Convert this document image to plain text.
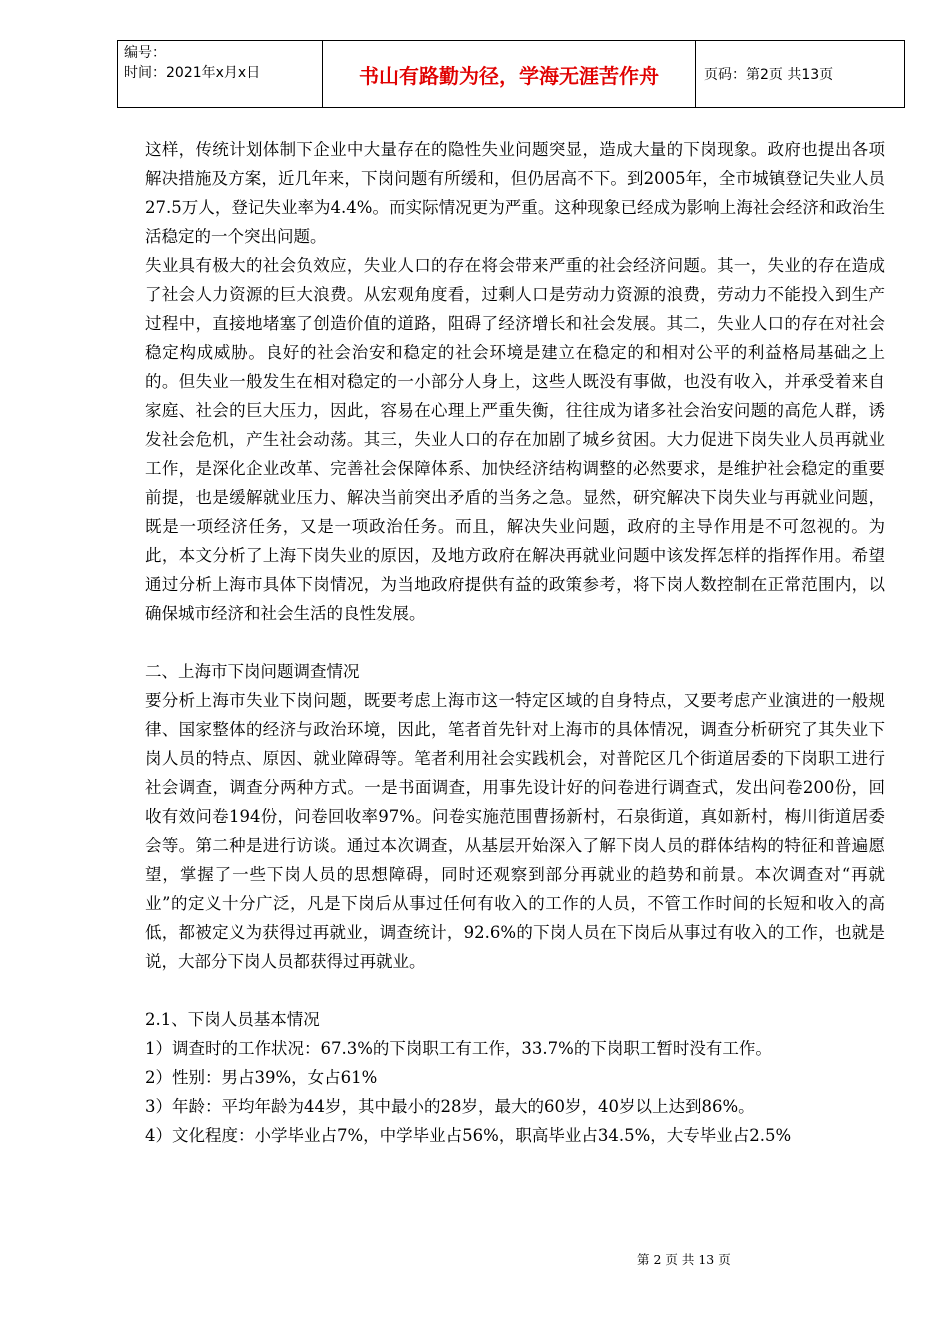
编号：
时间：2021年x月x日	书山有路勤为径，学海无涯苦作舟	页码：第2页 共13页

这样，传统计划体制下企业中大量存在的隐性失业问题突显，造成大量的下岗现象。政府也提出各项解决措施及方案，近几年来，下岗问题有所缓和，但仍居高不下。到2005年，全市城镇登记失业人员27.5万人，登记失业率为4.4%。而实际情况更为严重。这种现象已经成为影响上海社会经济和政治生活稳定的一个突出问题。

失业具有极大的社会负效应，失业人口的存在将会带来严重的社会经济问题。其一，失业的存在造成了社会人力资源的巨大浪费。从宏观角度看，过剩人口是劳动力资源的浪费，劳动力不能投入到生产过程中，直接地堵塞了创造价值的道路，阻碍了经济增长和社会发展。其二，失业人口的存在对社会稳定构成威胁。良好的社会治安和稳定的社会环境是建立在稳定的和相对公平的利益格局基础之上的。但失业一般发生在相对稳定的一小部分人身上，这些人既没有事做，也没有收入，并承受着来自家庭、社会的巨大压力，因此，容易在心理上严重失衡，往往成为诸多社会治安问题的高危人群，诱发社会危机，产生社会动荡。其三，失业人口的存在加剧了城乡贫困。大力促进下岗失业人员再就业工作，是深化企业改革、完善社会保障体系、加快经济结构调整的必然要求，是维护社会稳定的重要前提，也是缓解就业压力、解决当前突出矛盾的当务之急。显然，研究解决下岗失业与再就业问题，既是一项经济任务，又是一项政治任务。而且，解决失业问题，政府的主导作用是不可忽视的。为此，本文分析了上海下岗失业的原因，及地方政府在解决再就业问题中该发挥怎样的指挥作用。希望通过分析上海市具体下岗情况，为当地政府提供有益的政策参考，将下岗人数控制在正常范围内，以确保城市经济和社会生活的良性发展。

二、上海市下岗问题调查情况

要分析上海市失业下岗问题，既要考虑上海市这一特定区域的自身特点，又要考虑产业演进的一般规律、国家整体的经济与政治环境，因此，笔者首先针对上海市的具体情况，调查分析研究了其失业下岗人员的特点、原因、就业障碍等。笔者利用社会实践机会，对普陀区几个街道居委的下岗职工进行社会调查，调查分两种方式。一是书面调查，用事先设计好的问卷进行调查式，发出问卷200份，回收有效问卷194份，问卷回收率97%。问卷实施范围曹扬新村，石泉街道，真如新村，梅川街道居委会等。第二种是进行访谈。通过本次调查，从基层开始深入了解下岗人员的群体结构的特征和普遍愿望，掌握了一些下岗人员的思想障碍，同时还观察到部分再就业的趋势和前景。本次调查对“再就业”的定义十分广泛，凡是下岗后从事过任何有收入的工作的人员，不管工作时间的长短和收入的高低，都被定义为获得过再就业，调查统计，92.6%的下岗人员在下岗后从事过有收入的工作，也就是说，大部分下岗人员都获得过再就业。

2.1、下岗人员基本情况

1）调查时的工作状况：67.3%的下岗职工有工作，33.7%的下岗职工暂时没有工作。

2）性别：男占39%，女占61%

3）年龄：平均年龄为44岁，其中最小的28岁，最大的60岁，40岁以上达到86%。

4）文化程度：小学毕业占7%，中学毕业占56%，职高毕业占34.5%，大专毕业占2.5%

第 2 页 共 13 页
